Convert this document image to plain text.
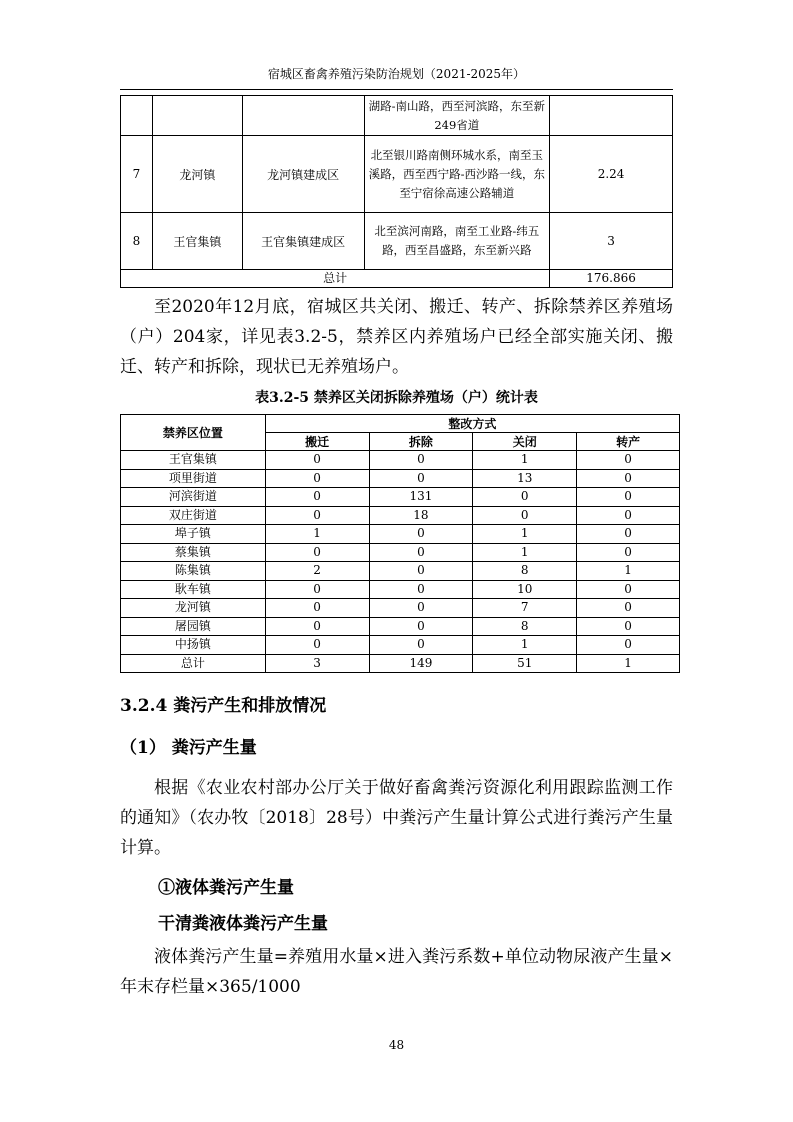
宿城区畜禽养殖污染防治规划（2021-2025年）
			湖路-南山路，西至河滨路，东至新249省道	
7	龙河镇	龙河镇建成区	北至银川路南侧环城水系，南至玉溪路，西至西宁路-西沙路一线，东至宁宿徐高速公路辅道	2.24
8	王官集镇	王官集镇建成区	北至滨河南路，南至工业路-纬五路，西至昌盛路，东至新兴路	3
总计				176.866
至2020年12月底，宿城区共关闭、搬迁、转产、拆除禁养区养殖场（户）204家，详见表3.2-5，禁养区内养殖场户已经全部实施关闭、搬迁、转产和拆除，现状已无养殖场户。
表3.2-5 禁养区关闭拆除养殖场（户）统计表
禁养区位置	整改方式			
	搬迁	拆除	关闭	转产
王官集镇	0	0	1	0
项里街道	0	0	13	0
河滨街道	0	131	0	0
双庄街道	0	18	0	0
埠子镇	1	0	1	0
蔡集镇	0	0	1	0
陈集镇	2	0	8	1
耿车镇	0	0	10	0
龙河镇	0	0	7	0
屠园镇	0	0	8	0
中扬镇	0	0	1	0
总计	3	149	51	1
3.2.4 粪污产生和排放情况
（1） 粪污产生量
根据《农业农村部办公厅关于做好畜禽粪污资源化利用跟踪监测工作的通知》（农办牧〔2018〕28号）中粪污产生量计算公式进行粪污产生量计算。
①液体粪污产生量
干清粪液体粪污产生量
液体粪污产生量=养殖用水量×进入粪污系数+单位动物尿液产生量×年末存栏量×365/1000
48
